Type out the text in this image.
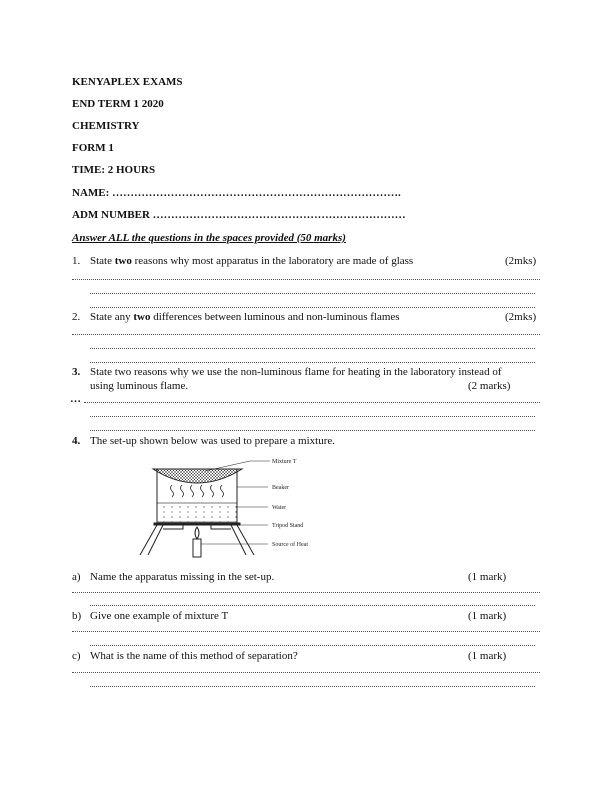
KENYAPLEX EXAMS
END TERM 1 2020
CHEMISTRY
FORM 1
TIME: 2 HOURS
NAME: …………………………………………………………………….
ADM NUMBER ……………………………………………………………
Answer ALL the questions in the spaces provided (50 marks)
1. State two reasons why most apparatus in the laboratory are made of glass	(2mks)
2. State any two differences between luminous and non-luminous flames	(2mks)
3. State two reasons why we use the non-luminous flame for heating in the laboratory instead of
using luminous flame.	(2 marks)
…
4. The set-up shown below was used to prepare a mixture.
Mixture T
Beaker
Water
Tripod Stand
Source of Heat
a) Name the apparatus missing in the set-up.	(1 mark)
b) Give one example of mixture T	(1 mark)
c) What is the name of this method of separation?	(1 mark)
